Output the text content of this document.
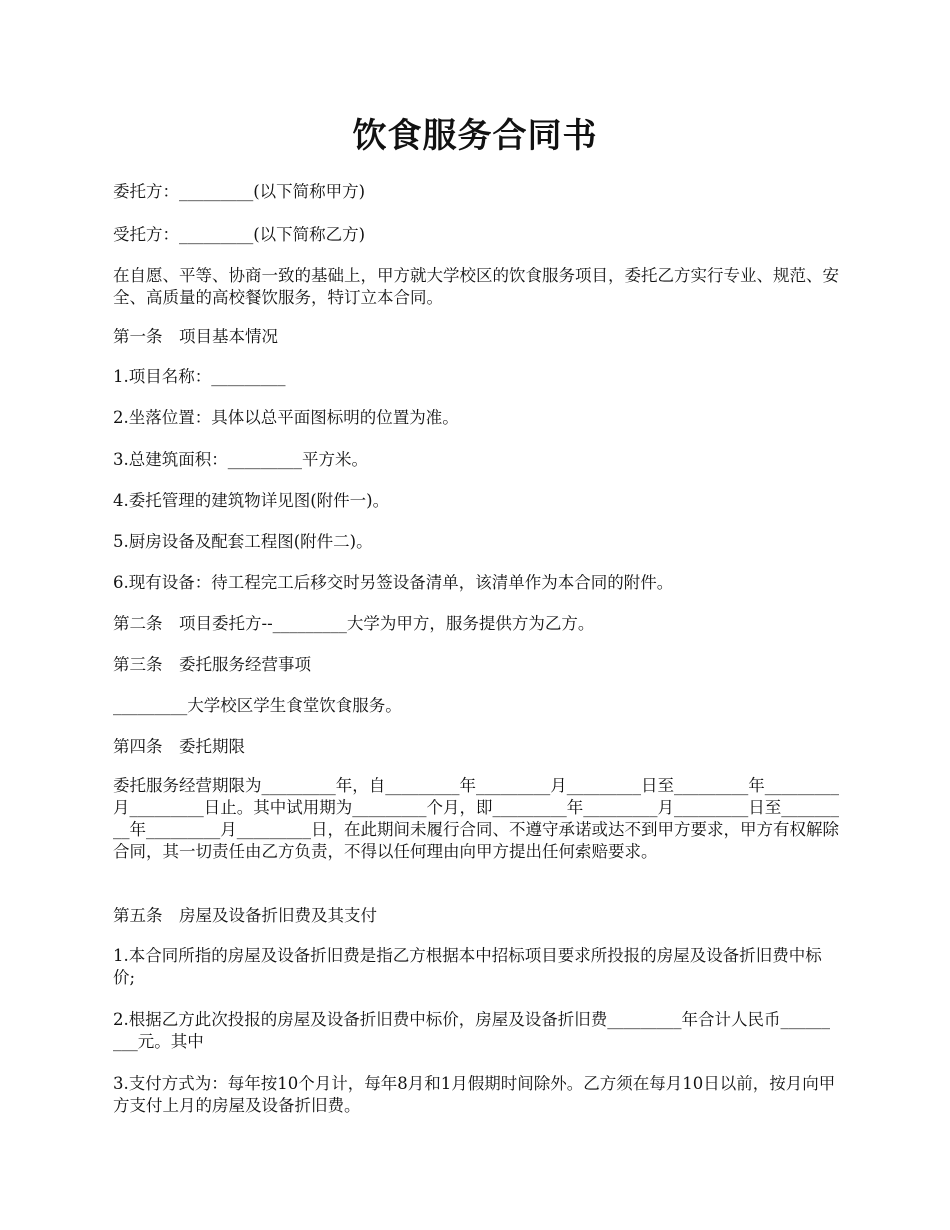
饮食服务合同书
委托方：_________(以下简称甲方)
受托方：_________(以下简称乙方)
在自愿、平等、协商一致的基础上，甲方就大学校区的饮食服务项目，委托乙方实行专业、规范、安全、高质量的高校餐饮服务，特订立本合同。
第一条　项目基本情况
1.项目名称：_________
2.坐落位置：具体以总平面图标明的位置为准。
3.总建筑面积：_________平方米。
4.委托管理的建筑物详见图(附件一)。
5.厨房设备及配套工程图(附件二)。
6.现有设备：待工程完工后移交时另签设备清单，该清单作为本合同的附件。
第二条　项目委托方--_________大学为甲方，服务提供方为乙方。
第三条　委托服务经营事项
_________大学校区学生食堂饮食服务。
第四条　委托期限
委托服务经营期限为_________年，自_________年_________月_________日至_________年_________月_________日止。其中试用期为_________个月，即_________年_________月_________日至_________年_________月_________日，在此期间未履行合同、不遵守承诺或达不到甲方要求，甲方有权解除合同，其一切责任由乙方负责，不得以任何理由向甲方提出任何索赔要求。
第五条　房屋及设备折旧费及其支付
1.本合同所指的房屋及设备折旧费是指乙方根据本中招标项目要求所投报的房屋及设备折旧费中标价;
2.根据乙方此次投报的房屋及设备折旧费中标价，房屋及设备折旧费_________年合计人民币_________元。其中
3.支付方式为：每年按10个月计，每年8月和1月假期时间除外。乙方须在每月10日以前，按月向甲方支付上月的房屋及设备折旧费。
